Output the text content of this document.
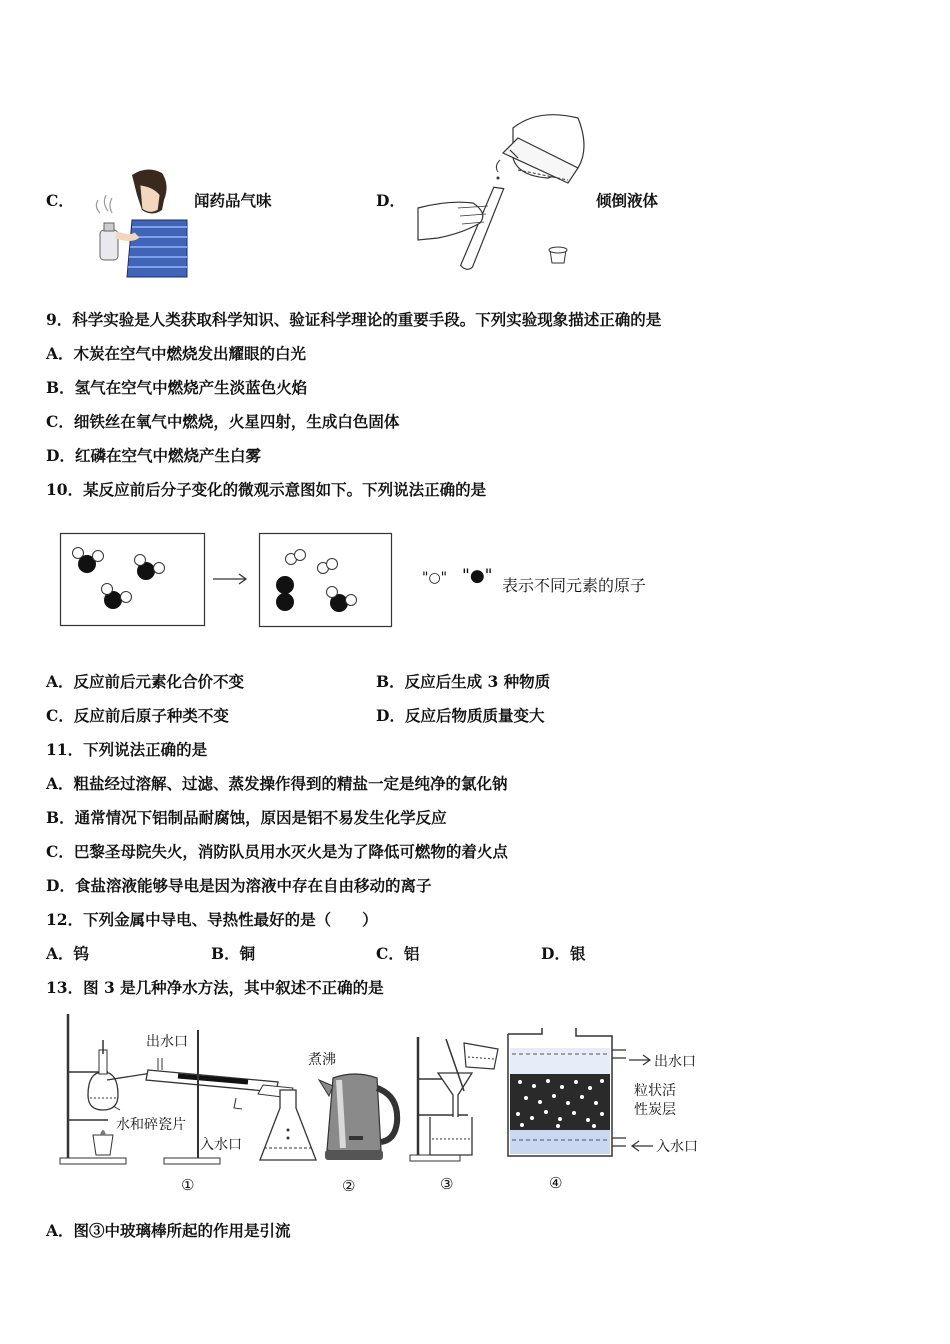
C．	闻药品气味	D．	倾倒液体
9．科学实验是人类获取科学知识、验证科学理论的重要手段。下列实验现象描述正确的是
A．木炭在空气中燃烧发出耀眼的白光
B．氢气在空气中燃烧产生淡蓝色火焰
C．细铁丝在氧气中燃烧，火星四射，生成白色固体
D．红磷在空气中燃烧产生白雾
10．某反应前后分子变化的微观示意图如下。下列说法正确的是
"○" "●" 表示不同元素的原子
A．反应前后元素化合价不变	B．反应后生成 3 种物质
C．反应前后原子种类不变	D．反应后物质质量变大
11．下列说法正确的是
A．粗盐经过溶解、过滤、蒸发操作得到的精盐一定是纯净的氯化钠
B．通常情况下铝制品耐腐蚀，原因是铝不易发生化学反应
C．巴黎圣母院失火，消防队员用水灭火是为了降低可燃物的着火点
D．食盐溶液能够导电是因为溶液中存在自由移动的离子
12．下列金属中导电、导热性最好的是（　　）
A．钨	B．铜	C．铝	D．银
13．图 3 是几种净水方法，其中叙述不正确的是
出水口
水和碎瓷片
入水口
煮沸	出水口
粒状活
性炭层
入水口
①	②	③	④
A．图③中玻璃棒所起的作用是引流
